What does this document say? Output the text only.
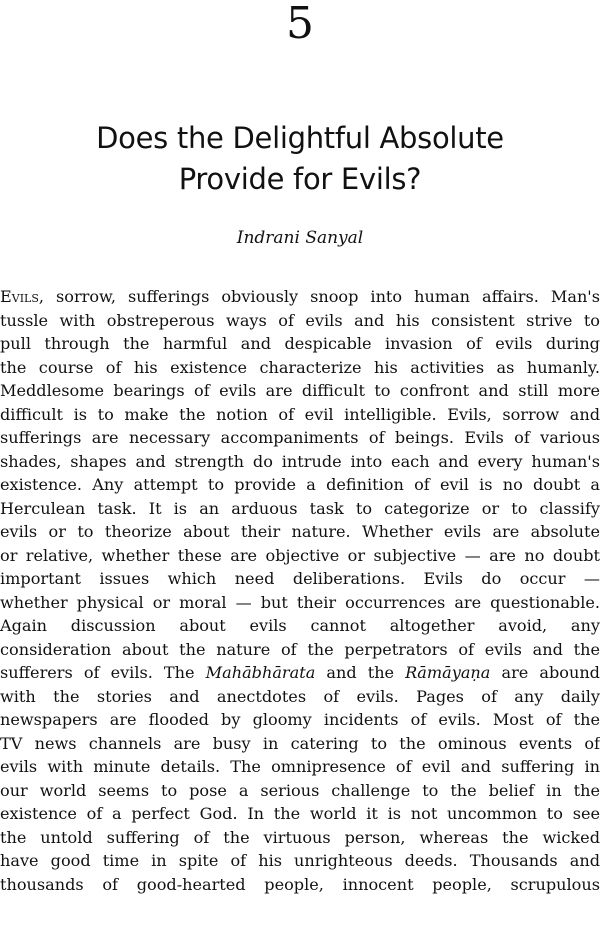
5
Does the Delightful Absolute
Provide for Evils?

Indrani Sanyal

Evils, sorrow, sufferings obviously snoop into human affairs. Man's
tussle with obstreperous ways of evils and his consistent strive to
pull through the harmful and despicable invasion of evils during
the course of his existence characterize his activities as humanly.
Meddlesome bearings of evils are difficult to confront and still more
difficult is to make the notion of evil intelligible. Evils, sorrow and
sufferings are necessary accompaniments of beings. Evils of various
shades, shapes and strength do intrude into each and every human's
existence. Any attempt to provide a definition of evil is no doubt a
Herculean task. It is an arduous task to categorize or to classify
evils or to theorize about their nature. Whether evils are absolute
or relative, whether these are objective or subjective — are no doubt
important issues which need deliberations. Evils do occur —
whether physical or moral — but their occurrences are questionable.
Again discussion about evils cannot altogether avoid, any
consideration about the nature of the perpetrators of evils and the
sufferers of evils. The Mahābhārata and the Rāmāyaṇa are abound
with the stories and anectdotes of evils. Pages of any daily
newspapers are flooded by gloomy incidents of evils. Most of the
TV news channels are busy in catering to the ominous events of
evils with minute details. The omnipresence of evil and suffering in
our world seems to pose a serious challenge to the belief in the
existence of a perfect God. In the world it is not uncommon to see
the untold suffering of the virtuous person, whereas the wicked
have good time in spite of his unrighteous deeds. Thousands and
thousands of good-hearted people, innocent people, scrupulous
